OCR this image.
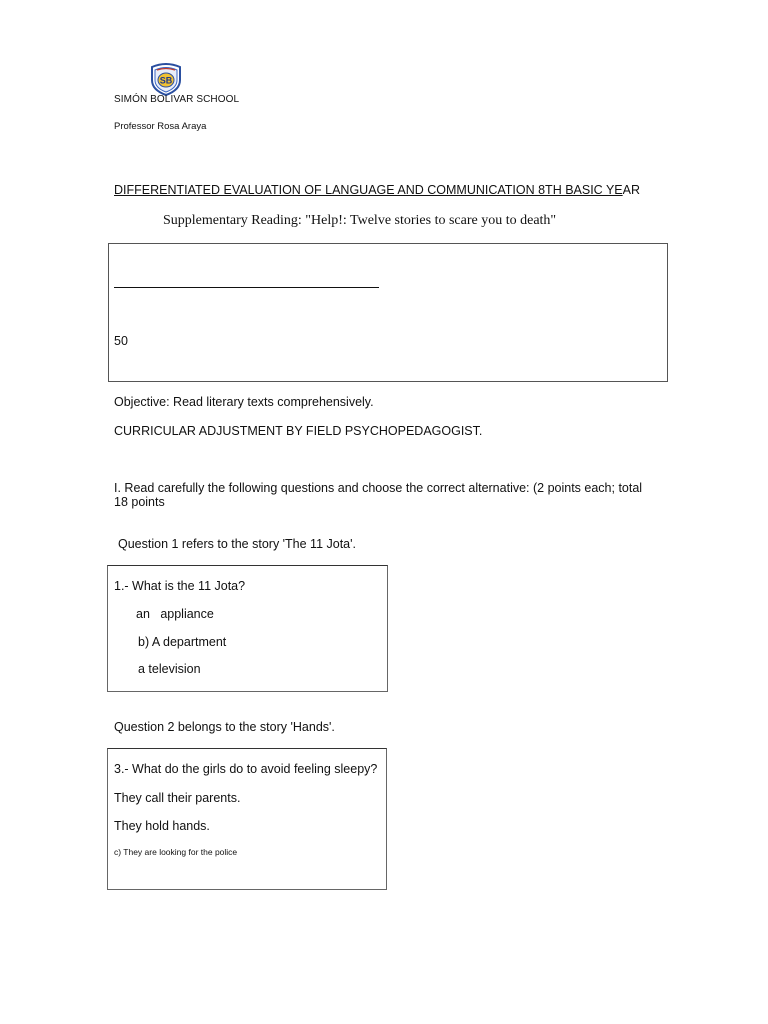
SB
SIMÓN BOLIVAR SCHOOL
Professor Rosa Araya
DIFFERENTIATED EVALUATION OF LANGUAGE AND COMMUNICATION 8TH BASIC YEAR
Supplementary Reading: "Help!: Twelve stories to scare you to death"
50
Objective: Read literary texts comprehensively.
CURRICULAR ADJUSTMENT BY FIELD PSYCHOPEDAGOGIST.
I. Read carefully the following questions and choose the correct alternative: (2 points each; total 18 points
Question 1 refers to the story 'The 11 Jota'.
1.- What is the 11 Jota?
an   appliance
b) A department
a television
Question 2 belongs to the story 'Hands'.
3.- What do the girls do to avoid feeling sleepy?
They call their parents.
They hold hands.
c) They are looking for the police
